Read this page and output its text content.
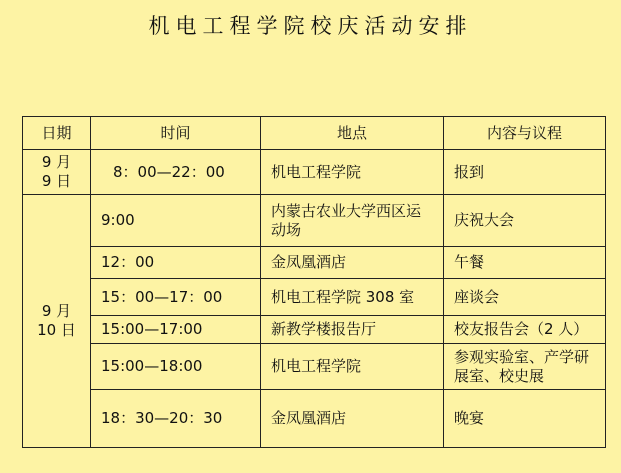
机电工程学院校庆活动安排
日期	时间	地点	内容与议程

9 月
9 日	8：00—22：00	机电工程学院	报到

9 月
10 日	9:00	内蒙古农业大学西区运动场	庆祝大会
	12：00	金凤凰酒店	午餐
	15：00—17：00	机电工程学院 308 室	座谈会
	15:00—17:00	新教学楼报告厅	校友报告会（2 人）
	15:00—18:00	机电工程学院	参观实验室、产学研展室、校史展
	18：30—20：30	金凤凰酒店	晚宴
